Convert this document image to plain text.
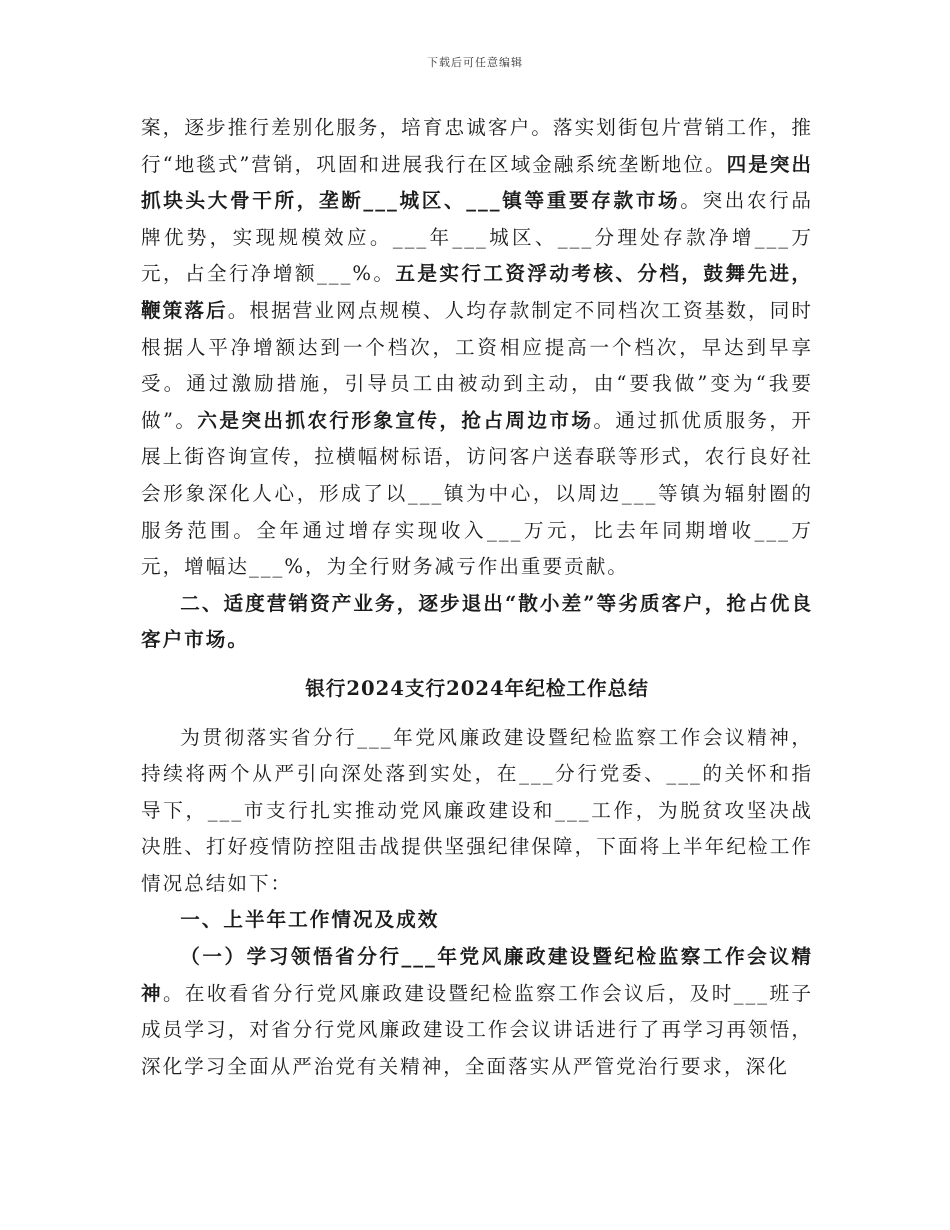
下载后可任意编辑

案，逐步推行差别化服务，培育忠诚客户。落实划街包片营销工作，推行“地毯式”营销，巩固和进展我行在区域金融系统垄断地位。四是突出抓块头大骨干所，垄断___城区、___镇等重要存款市场。突出农行品牌优势，实现规模效应。___年___城区、___分理处存款净增___万元，占全行净增额___%。五是实行工资浮动考核、分档，鼓舞先进，鞭策落后。根据营业网点规模、人均存款制定不同档次工资基数，同时根据人平净增额达到一个档次，工资相应提高一个档次，早达到早享受。通过激励措施，引导员工由被动到主动，由“要我做”变为“我要做”。六是突出抓农行形象宣传，抢占周边市场。通过抓优质服务，开展上街咨询宣传，拉横幅树标语，访问客户送春联等形式，农行良好社会形象深化人心，形成了以___镇为中心，以周边___等镇为辐射圈的服务范围。全年通过增存实现收入___万元，比去年同期增收___万元，增幅达___%，为全行财务减亏作出重要贡献。

二、适度营销资产业务，逐步退出“散小差”等劣质客户，抢占优良客户市场。

银行2024支行2024年纪检工作总结

为贯彻落实省分行___年党风廉政建设暨纪检监察工作会议精神，持续将两个从严引向深处落到实处，在___分行党委、___的关怀和指导下，___市支行扎实推动党风廉政建设和___工作，为脱贫攻坚决战决胜、打好疫情防控阻击战提供坚强纪律保障，下面将上半年纪检工作情况总结如下：

一、上半年工作情况及成效

（一）学习领悟省分行___年党风廉政建设暨纪检监察工作会议精神。在收看省分行党风廉政建设暨纪检监察工作会议后，及时___班子成员学习，对省分行党风廉政建设工作会议讲话进行了再学习再领悟，深化学习全面从严治党有关精神，全面落实从严管党治行要求，深化
